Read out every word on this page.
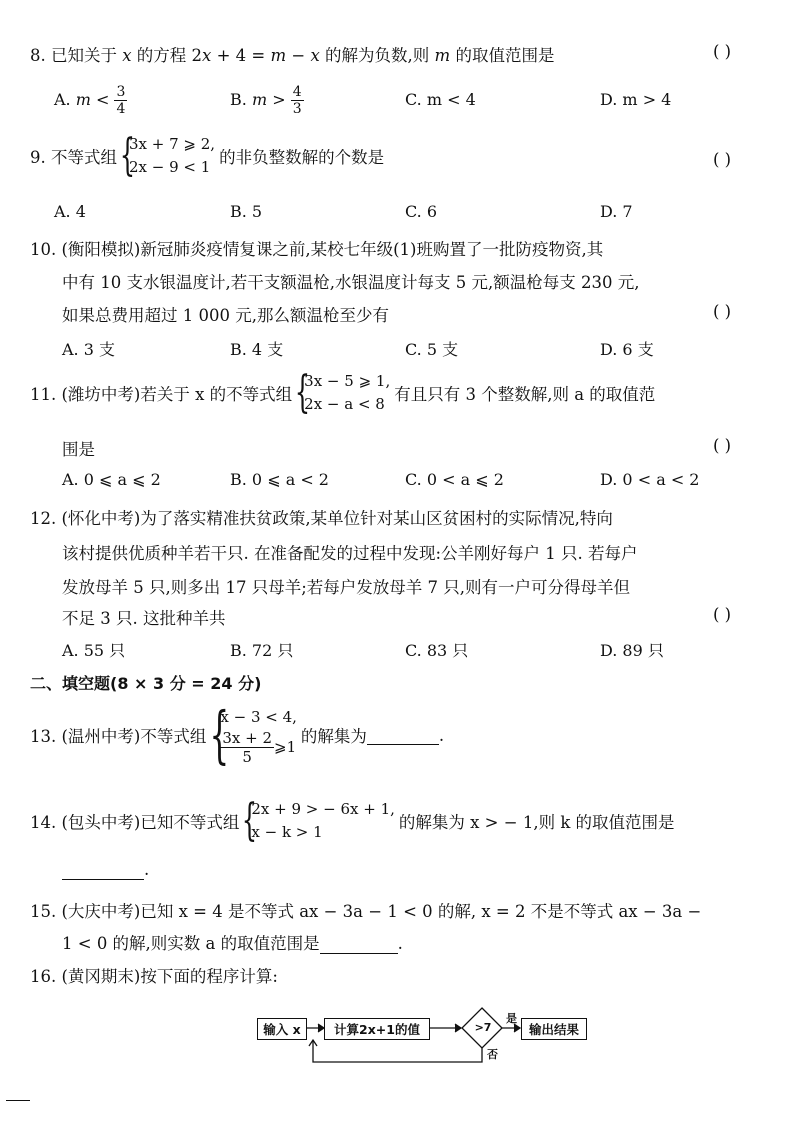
8. 已知关于 x 的方程 2x + 4 = m − x 的解为负数,则 m 的取值范围是	( )
A. $m < \frac{3}{4}$	B. $m > \frac{4}{3}$	C. m < 4	D. m > 4
9. 不等式组 {
3x + 7 ⩾ 2,
2x − 9 < 1 的非负整数解的个数是	( )
A. 4	B. 5	C. 6	D. 7
10. (衡阳模拟)新冠肺炎疫情复课之前,某校七年级(1)班购置了一批防疫物资,其
中有 10 支水银温度计,若干支额温枪,水银温度计每支 5 元,额温枪每支 230 元,
如果总费用超过 1 000 元,那么额温枪至少有	( )
A. 3 支	B. 4 支	C. 5 支	D. 6 支
11. (潍坊中考)若关于 x 的不等式组 {
3x − 5 ⩾ 1,
2x − a < 8 有且只有 3 个整数解,则 a 的取值范
围是	( )
A. 0 ⩽ a ⩽ 2	B. 0 ⩽ a < 2	C. 0 < a ⩽ 2	D. 0 < a < 2
12. (怀化中考)为了落实精准扶贫政策,某单位针对某山区贫困村的实际情况,特向
该村提供优质种羊若干只. 在准备配发的过程中发现:公羊刚好每户 1 只. 若每户
发放母羊 5 只,则多出 17 只母羊;若每户发放母羊 7 只,则有一户可分得母羊但
不足 3 只. 这批种羊共	( )
A. 55 只	B. 72 只	C. 83 只	D. 89 只
二、填空题(8 × 3 分 = 24 分)
13. (温州中考)不等式组 {
x − 3 < 4,
$\frac{3x + 2}{5}$ ⩾1
的解集为
	.
14. (包头中考)已知不等式组 {
2x + 9 > − 6x + 1,
x − k > 1	的解集为 x > − 1,则 k 的取值范围是
.
15. (大庆中考)已知 x = 4 是不等式 ax − 3a − 1 < 0 的解, x = 2 不是不等式 ax − 3a −
1 < 0 的解,则实数 a 的取值范围是	.
16. (黄冈期末)按下面的程序计算:
输入 x	计算2x+1的值	>7
是
否
输出结果
